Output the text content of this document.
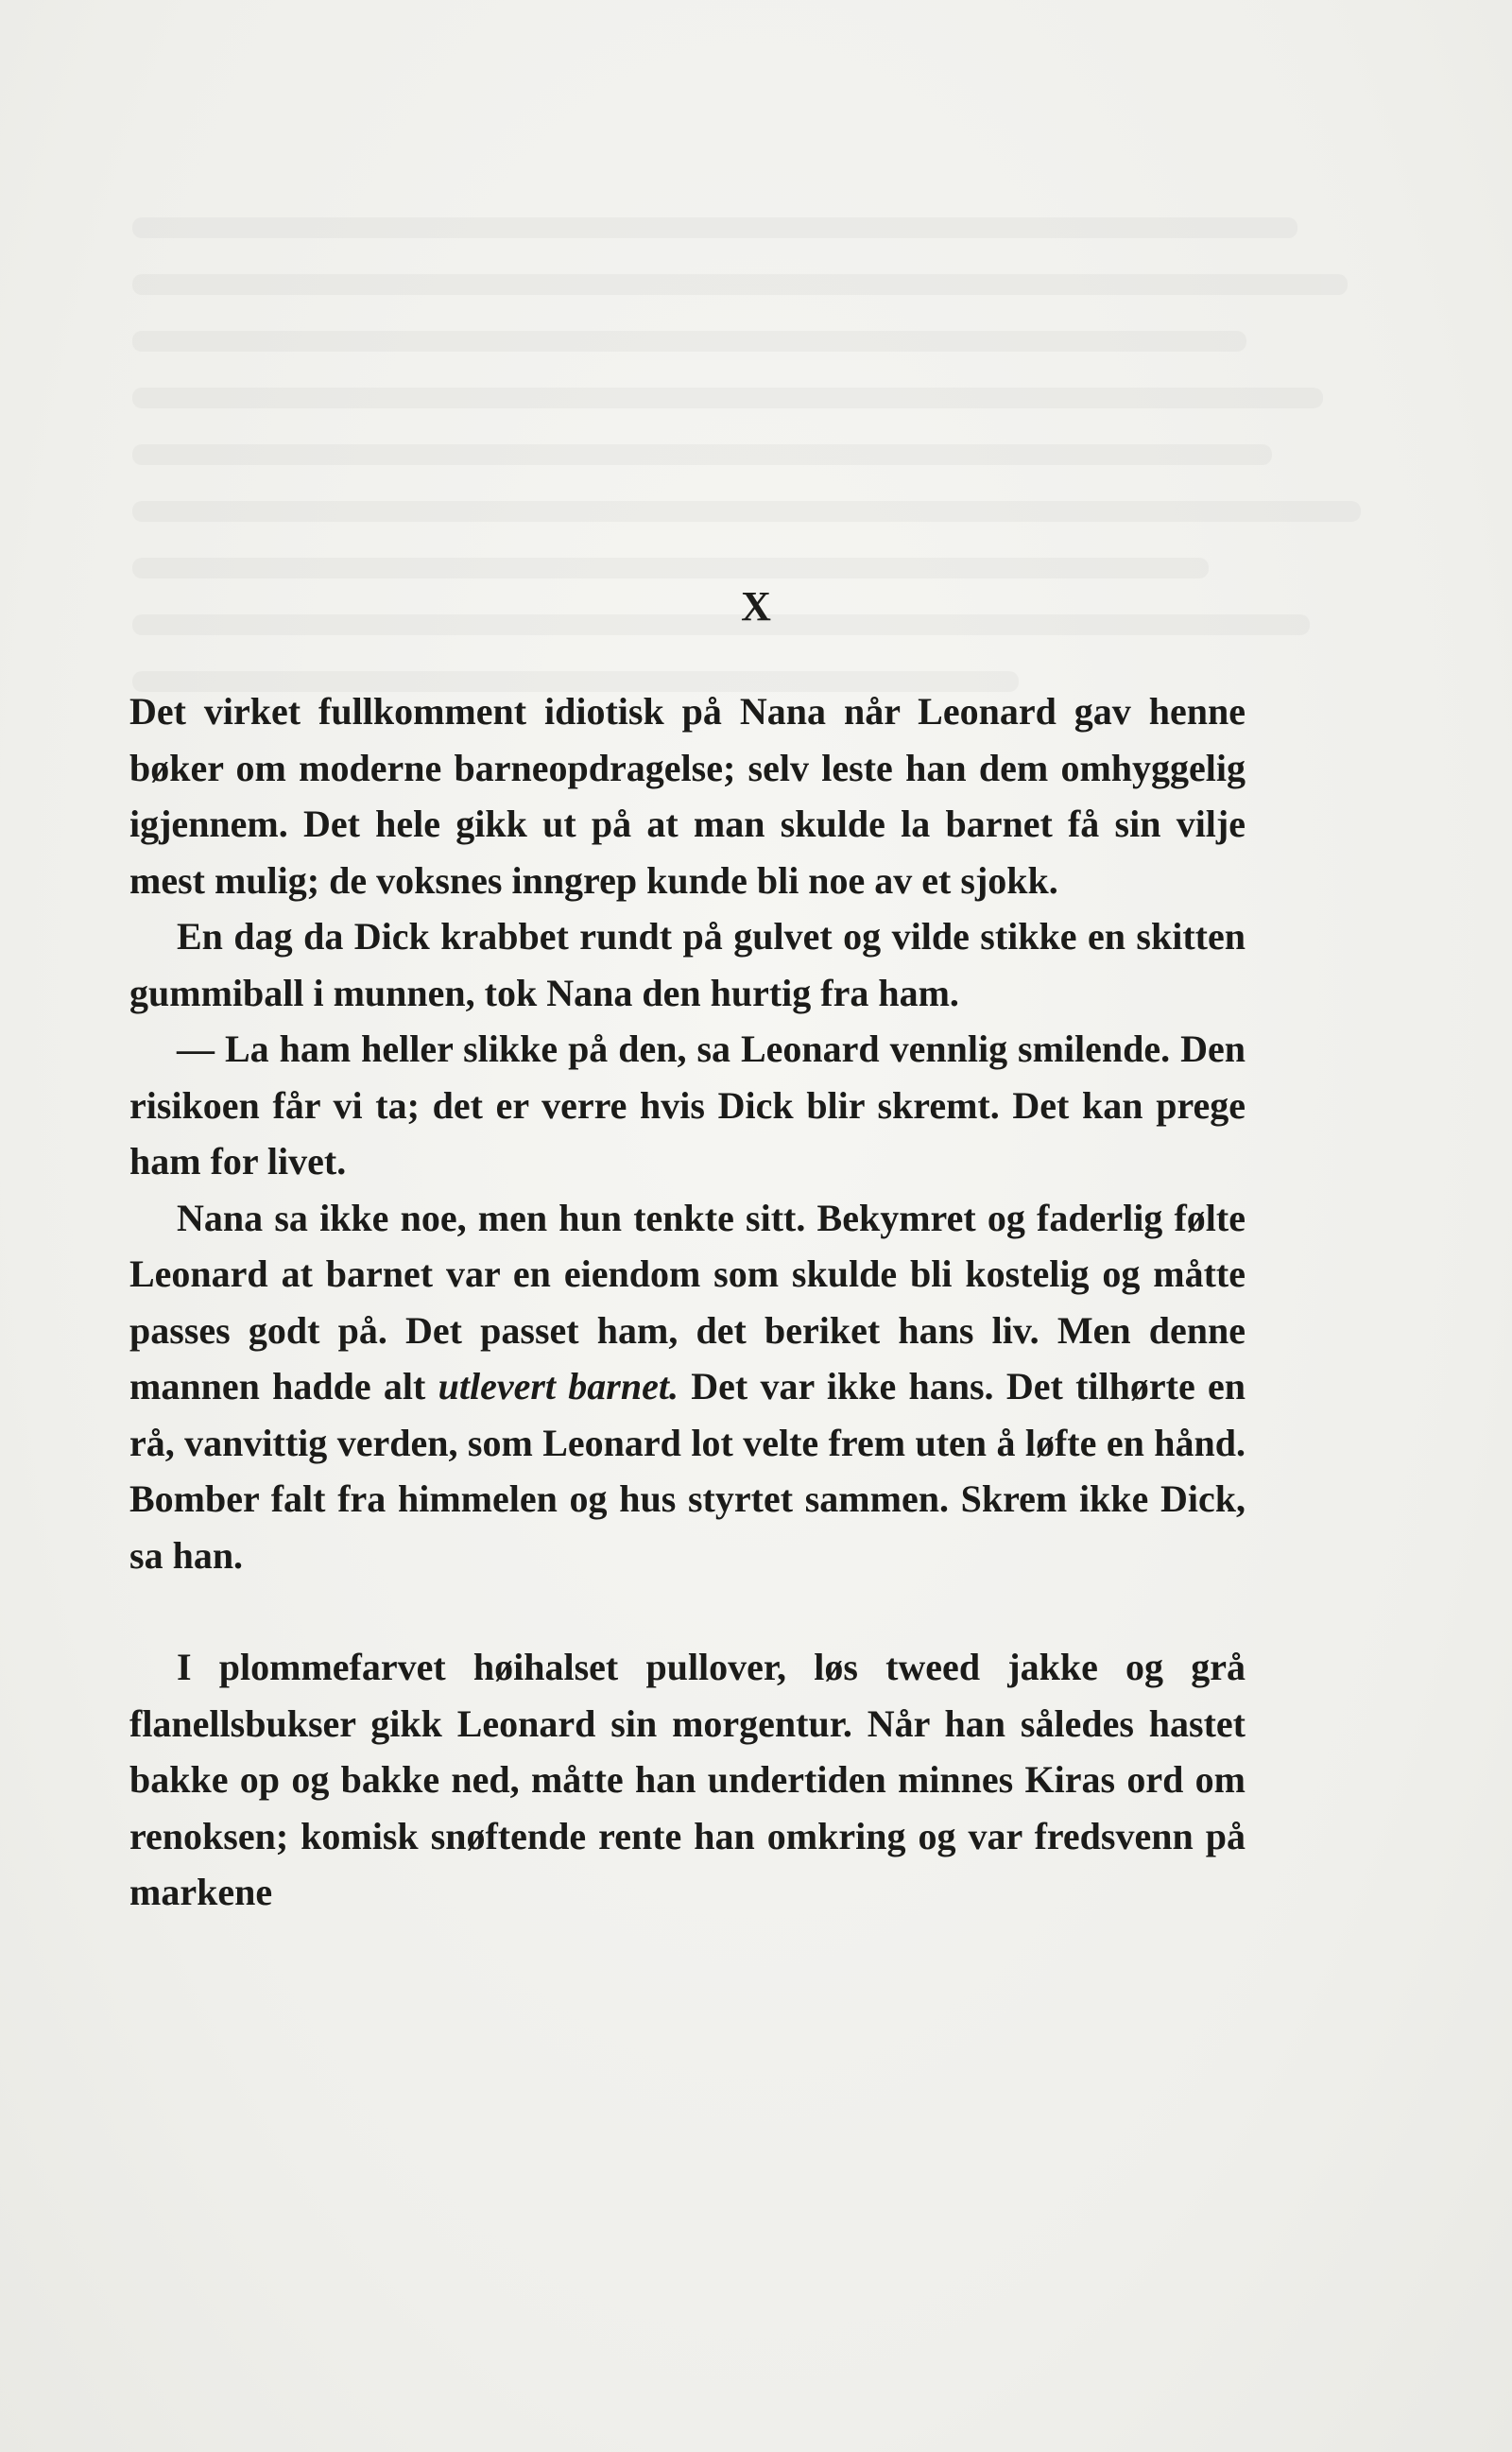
X

Det virket fullkomment idiotisk på Nana når Leonard gav henne bøker om moderne barneopdragelse; selv leste han dem omhyggelig igjennem. Det hele gikk ut på at man skulde la barnet få sin vilje mest mulig; de voksnes inngrep kunde bli noe av et sjokk.

En dag da Dick krabbet rundt på gulvet og vilde stikke en skitten gummiball i munnen, tok Nana den hurtig fra ham.

— La ham heller slikke på den, sa Leonard vennlig smilende. Den risikoen får vi ta; det er verre hvis Dick blir skremt. Det kan prege ham for livet.

Nana sa ikke noe, men hun tenkte sitt. Bekymret og faderlig følte Leonard at barnet var en eiendom som skulde bli kostelig og måtte passes godt på. Det passet ham, det beriket hans liv. Men denne mannen hadde alt utlevert barnet. Det var ikke hans. Det tilhørte en rå, vanvittig verden, som Leonard lot velte frem uten å løfte en hånd. Bomber falt fra himmelen og hus styrtet sammen. Skrem ikke Dick, sa han.

I plommefarvet høihalset pullover, løs tweed jakke og grå flanellsbukser gikk Leonard sin morgentur. Når han således hastet bakke op og bakke ned, måtte han undertiden minnes Kiras ord om renoksen; komisk snøftende rente han omkring og var fredsvenn på markene
